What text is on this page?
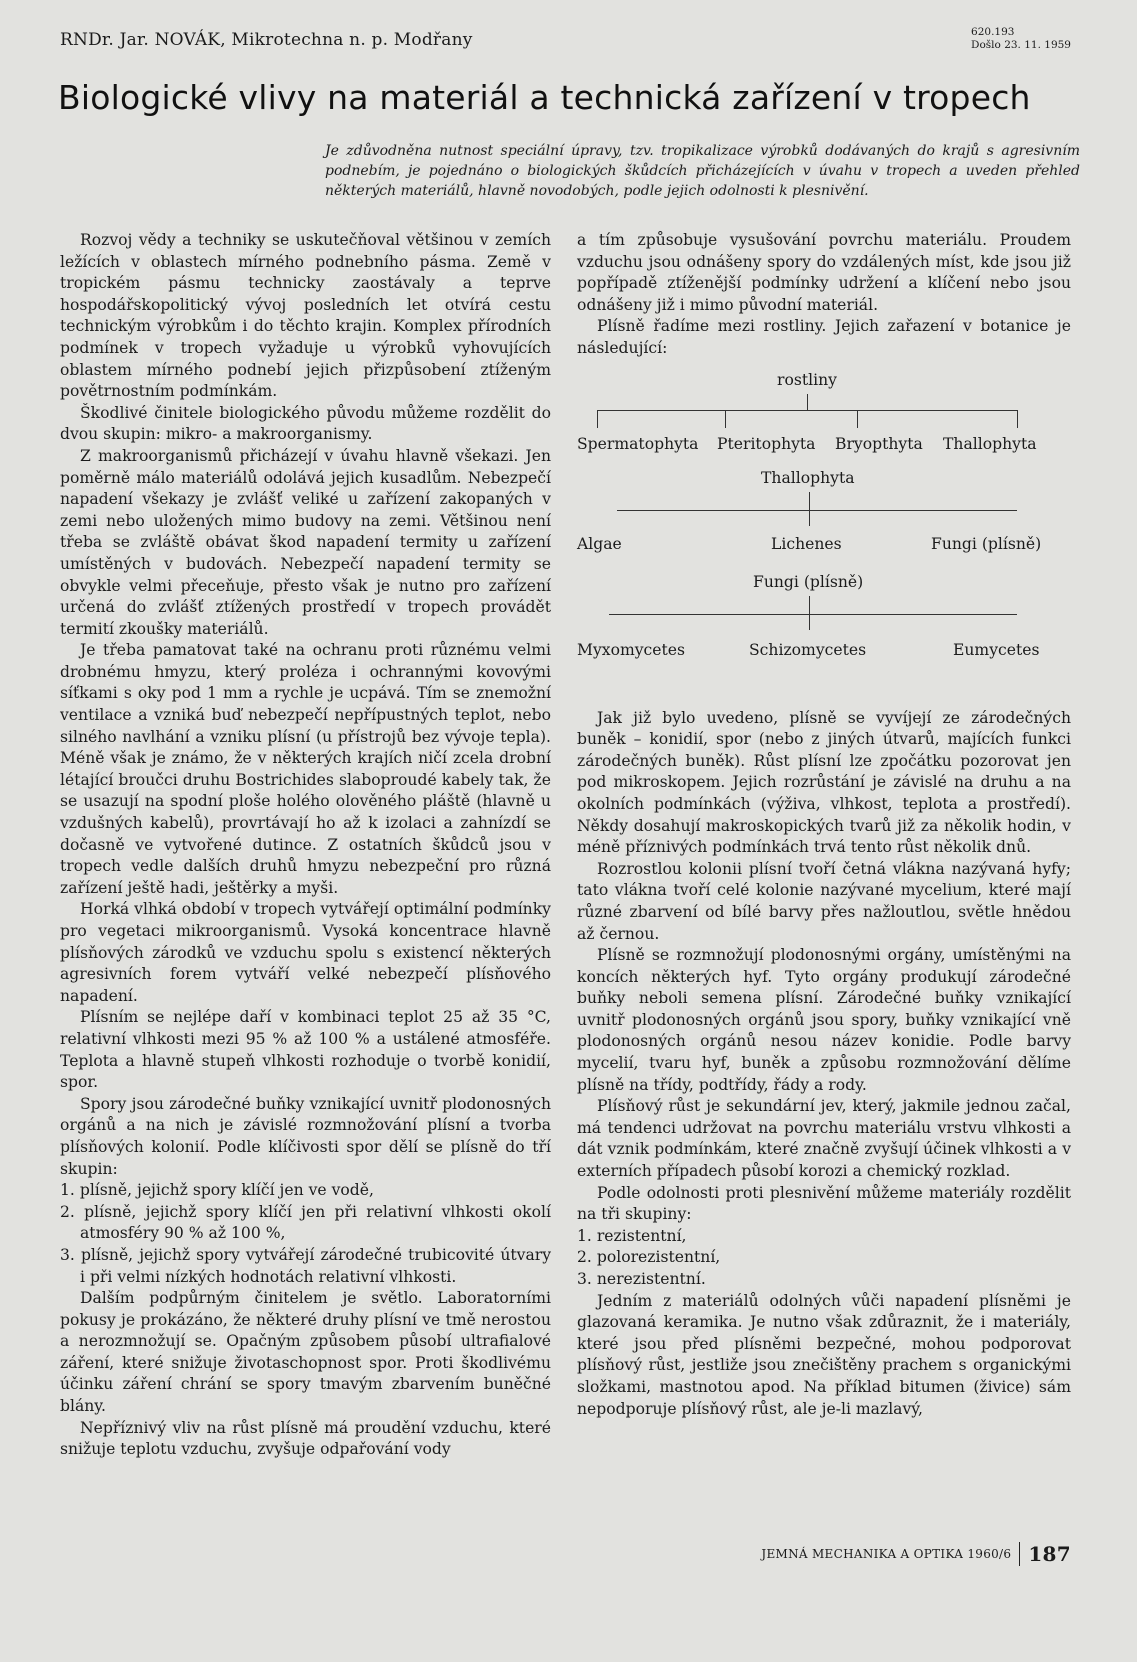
RNDr. Jar. NOVÁK, Mikrotechna n. p. Modřany	620.193
Došlo 23. 11. 1959
Biologické vlivy na materiál a technická zařízení v tropech

Je zdůvodněna nutnost speciální úpravy, tzv. tropikalizace výrobků dodávaných do krajů s agresivním podnebím, je pojednáno o biologických škůdcích přicházejících v úvahu v tropech a uveden přehled některých materiálů, hlavně novodobých, podle jejich odolnosti k plesnivění.

Rozvoj vědy a techniky se uskutečňoval většinou v zemích ležících v oblastech mírného podnebního pásma. Země v tropickém pásmu technicky zaostávaly a teprve hospodářskopolitický vývoj posledních let otvírá cestu technickým výrobkům i do těchto krajin. Komplex přírodních podmínek v tropech vyžaduje u výrobků vyhovujících oblastem mírného podnebí jejich přizpůsobení ztíženým povětrnostním podmínkám.

Škodlivé činitele biologického původu můžeme rozdělit do dvou skupin: mikro- a makroorganismy.

Z makroorganismů přicházejí v úvahu hlavně všekazi. Jen poměrně málo materiálů odolává jejich kusadlům. Nebezpečí napadení všekazy je zvlášť veliké u zařízení zakopaných v zemi nebo uložených mimo budovy na zemi. Většinou není třeba se zvláště obávat škod napadení termity u zařízení umístěných v budovách. Nebezpečí napadení termity se obvykle velmi přeceňuje, přesto však je nutno pro zařízení určená do zvlášť ztížených prostředí v tropech provádět termití zkoušky materiálů.

Je třeba pamatovat také na ochranu proti různému velmi drobnému hmyzu, který proléza i ochrannými kovovými síťkami s oky pod 1 mm a rychle je ucpává. Tím se znemožní ventilace a vzniká buď nebezpečí nepřípustných teplot, nebo silného navlhání a vzniku plísní (u přístrojů bez vývoje tepla). Méně však je známo, že v některých krajích ničí zcela drobní létající broučci druhu Bostrichides slaboproudé kabely tak, že se usazují na spodní ploše holého olověného pláště (hlavně u vzdušných kabelů), provrtávají ho až k izolaci a zahnízdí se dočasně ve vytvořené dutince. Z ostatních škůdců jsou v tropech vedle dalších druhů hmyzu nebezpeční pro různá zařízení ještě hadi, ještěrky a myši.

Horká vlhká období v tropech vytvářejí optimální podmínky pro vegetaci mikroorganismů. Vysoká koncentrace hlavně plísňových zárodků ve vzduchu spolu s existencí některých agresivních forem vytváří velké nebezpečí plísňového napadení.

Plísním se nejlépe daří v kombinaci teplot 25 až 35 °C, relativní vlhkosti mezi 95 % až 100 % a ustálené atmosféře. Teplota a hlavně stupeň vlhkosti rozhoduje o tvorbě konidií, spor.

Spory jsou zárodečné buňky vznikající uvnitř plodonosných orgánů a na nich je závislé rozmnožování plísní a tvorba plísňových kolonií. Podle klíčivosti spor dělí se plísně do tří skupin:

1. plísně, jejichž spory klíčí jen ve vodě,

2. plísně, jejichž spory klíčí jen při relativní vlhkosti okolí atmosféry 90 % až 100 %,

3. plísně, jejichž spory vytvářejí zárodečné trubicovité útvary i při velmi nízkých hodnotách relativní vlhkosti.

Dalším podpůrným činitelem je světlo. Laboratorními pokusy je prokázáno, že některé druhy plísní ve tmě nerostou a nerozmnožují se. Opačným způsobem působí ultrafialové záření, které snižuje životaschopnost spor. Proti škodlivému účinku záření chrání se spory tmavým zbarvením buněčné blány.

Nepříznivý vliv na růst plísně má proudění vzduchu, které snižuje teplotu vzduchu, zvyšuje odpařování vody

a tím způsobuje vysušování povrchu materiálu. Proudem vzduchu jsou odnášeny spory do vzdálených míst, kde jsou již popřípadě ztíženější podmínky udržení a klíčení nebo jsou odnášeny již i mimo původní materiál.

Plísně řadíme mezi rostliny. Jejich zařazení v botanice je následující:

rostliny
Spermatophyta Pteritophyta Bryopthyta Thallophyta
Thallophyta
Algae	Lichenes	Fungi (plísně)
Fungi (plísně)
Myxomycetes	Schizomycetes	Eumycetes

Jak již bylo uvedeno, plísně se vyvíjejí ze zárodečných buněk – konidií, spor (nebo z jiných útvarů, majících funkci zárodečných buněk). Růst plísní lze zpočátku pozorovat jen pod mikroskopem. Jejich rozrůstání je závislé na druhu a na okolních podmínkách (výživa, vlhkost, teplota a prostředí). Někdy dosahují makroskopických tvarů již za několik hodin, v méně příznivých podmínkách trvá tento růst několik dnů.

Rozrostlou kolonii plísní tvoří četná vlákna nazývaná hyfy; tato vlákna tvoří celé kolonie nazývané mycelium, které mají různé zbarvení od bílé barvy přes nažloutlou, světle hnědou až černou.

Plísně se rozmnožují plodonosnými orgány, umístěnými na koncích některých hyf. Tyto orgány produkují zárodečné buňky neboli semena plísní. Zárodečné buňky vznikající uvnitř plodonosných orgánů jsou spory, buňky vznikající vně plodonosných orgánů nesou název konidie. Podle barvy mycelií, tvaru hyf, buněk a způsobu rozmnožování dělíme plísně na třídy, podtřídy, řády a rody.

Plísňový růst je sekundární jev, který, jakmile jednou začal, má tendenci udržovat na povrchu materiálu vrstvu vlhkosti a dát vznik podmínkám, které značně zvyšují účinek vlhkosti a v externích případech působí korozi a chemický rozklad.

Podle odolnosti proti plesnivění můžeme materiály rozdělit na tři skupiny:

1. rezistentní,

2. polorezistentní,

3. nerezistentní.

Jedním z materiálů odolných vůči napadení plísněmi je glazovaná keramika. Je nutno však zdůraznit, že i materiály, které jsou před plísněmi bezpečné, mohou podporovat plísňový růst, jestliže jsou znečištěny prachem s organickými složkami, mastnotou apod. Na příklad bitumen (živice) sám nepodporuje plísňový růst, ale je-li mazlavý,

JEMNÁ MECHANIKA A OPTIKA 1960/6 187
